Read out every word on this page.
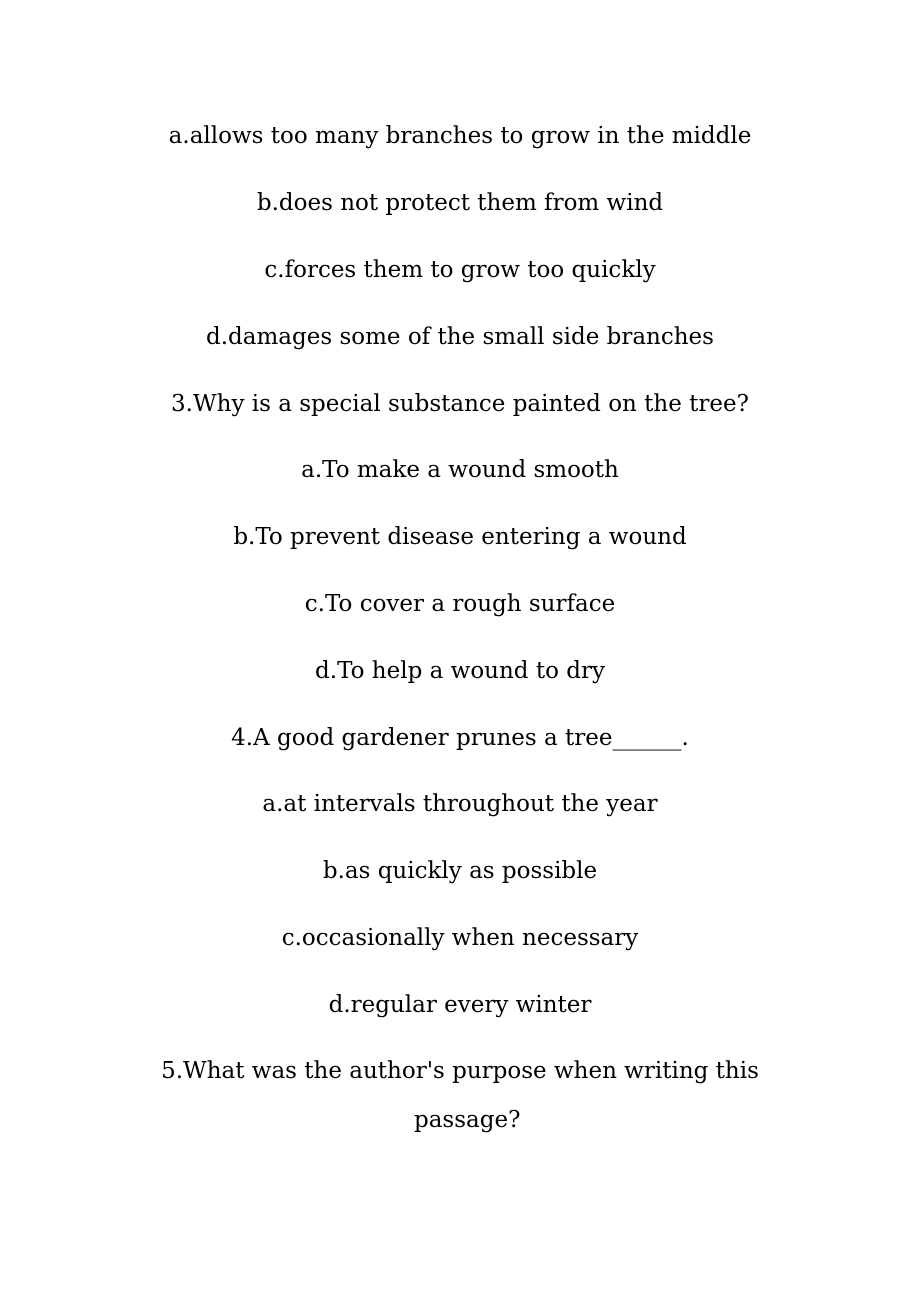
a.allows too many branches to grow in the middle
b.does not protect them from wind
c.forces them to grow too quickly
d.damages some of the small side branches
3.Why is a special substance painted on the tree?
a.To make a wound smooth
b.To prevent disease entering a wound
c.To cover a rough surface
d.To help a wound to dry
4.A good gardener prunes a tree______.
a.at intervals throughout the year
b.as quickly as possible
c.occasionally when necessary
d.regular every winter
5.What was the author's purpose when writing this
passage?
